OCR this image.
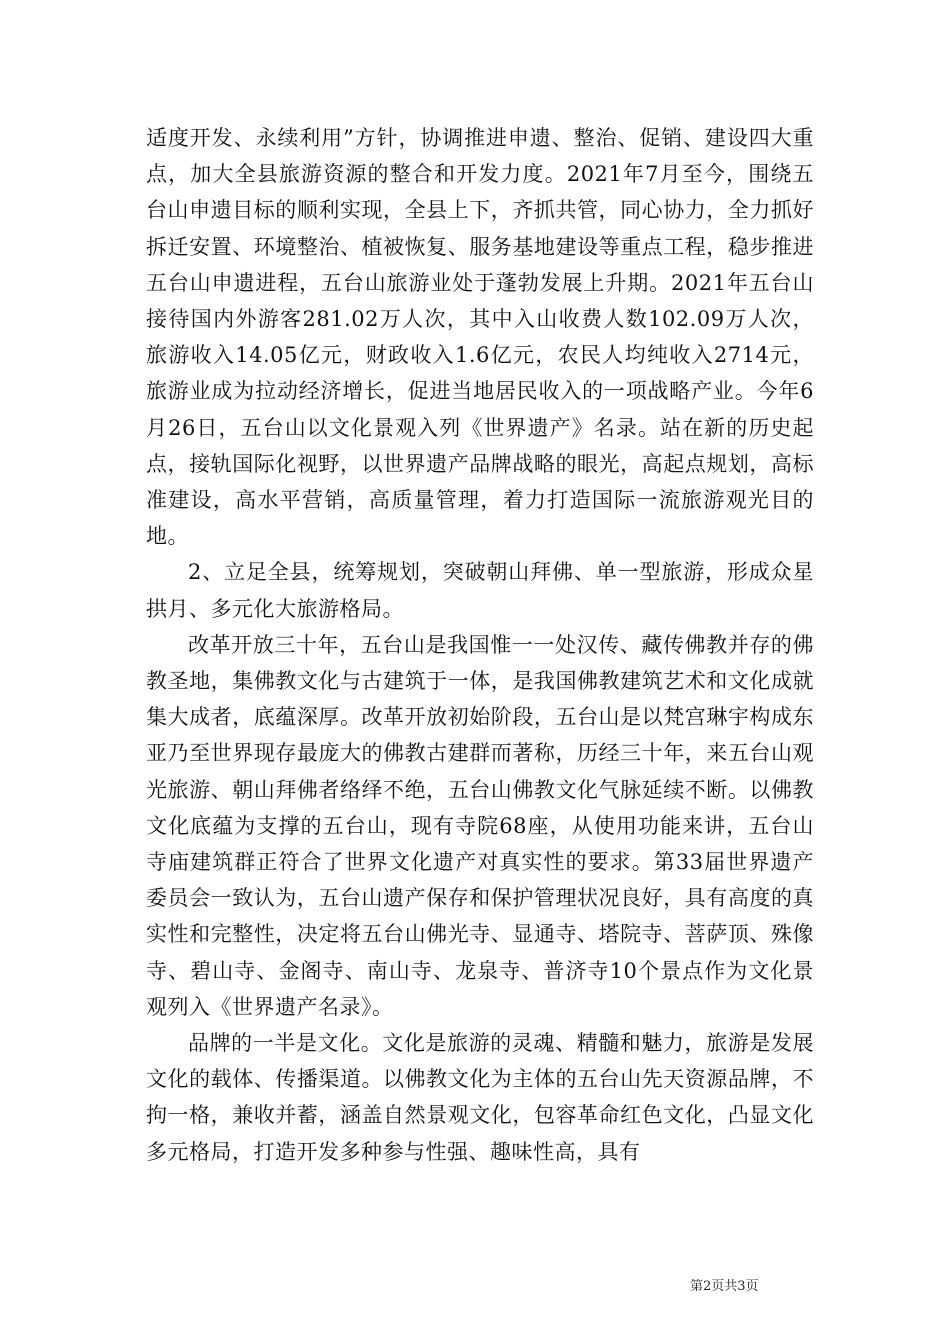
适度开发、永续利用”方针，协调推进申遗、整治、促销、建设四大重点，加大全县旅游资源的整合和开发力度。2021年7月至今，围绕五台山申遗目标的顺利实现，全县上下，齐抓共管，同心协力，全力抓好拆迁安置、环境整治、植被恢复、服务基地建设等重点工程，稳步推进五台山申遗进程，五台山旅游业处于蓬勃发展上升期。2021年五台山接待国内外游客281.02万人次，其中入山收费人数102.09万人次，旅游收入14.05亿元，财政收入1.6亿元，农民人均纯收入2714元，旅游业成为拉动经济增长，促进当地居民收入的一项战略产业。今年6月26日，五台山以文化景观入列《世界遗产》名录。站在新的历史起点，接轨国际化视野，以世界遗产品牌战略的眼光，高起点规划，高标准建设，高水平营销，高质量管理，着力打造国际一流旅游观光目的地。

2、立足全县，统筹规划，突破朝山拜佛、单一型旅游，形成众星拱月、多元化大旅游格局。

改革开放三十年，五台山是我国惟一一处汉传、藏传佛教并存的佛教圣地，集佛教文化与古建筑于一体，是我国佛教建筑艺术和文化成就集大成者，底蕴深厚。改革开放初始阶段，五台山是以梵宫琳宇构成东亚乃至世界现存最庞大的佛教古建群而著称，历经三十年，来五台山观光旅游、朝山拜佛者络绎不绝，五台山佛教文化气脉延续不断。以佛教文化底蕴为支撑的五台山，现有寺院68座，从使用功能来讲，五台山寺庙建筑群正符合了世界文化遗产对真实性的要求。第33届世界遗产委员会一致认为，五台山遗产保存和保护管理状况良好，具有高度的真实性和完整性，决定将五台山佛光寺、显通寺、塔院寺、菩萨顶、殊像寺、碧山寺、金阁寺、南山寺、龙泉寺、普济寺10个景点作为文化景观列入《世界遗产名录》。

品牌的一半是文化。文化是旅游的灵魂、精髓和魅力，旅游是发展文化的载体、传播渠道。以佛教文化为主体的五台山先天资源品牌，不拘一格，兼收并蓄，涵盖自然景观文化，包容革命红色文化，凸显文化多元格局，打造开发多种参与性强、趣味性高，具有

第2页共3页
